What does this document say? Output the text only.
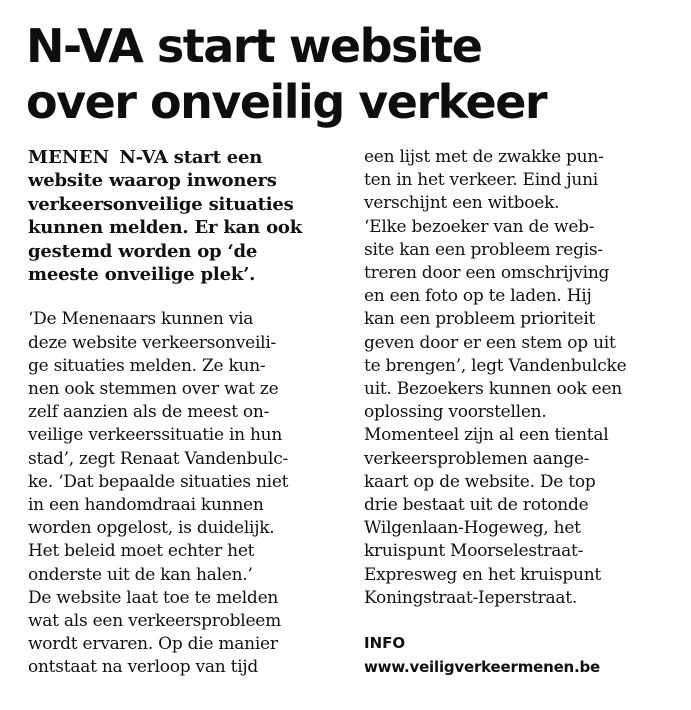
N-VA start website
over onveilig verkeer
MENEN N-VA start een
website waarop inwoners
verkeersonveilige situaties
kunnen melden. Er kan ook
gestemd worden op ‘de
meeste onveilige plek’.
‘De Menenaars kunnen via
deze website verkeersonveili-
ge situaties melden. Ze kun-
nen ook stemmen over wat ze
zelf aanzien als de meest on-
veilige verkeerssituatie in hun
stad’, zegt Renaat Vandenbulc-
ke. ‘Dat bepaalde situaties niet
in een handomdraai kunnen
worden opgelost, is duidelijk.
Het beleid moet echter het
onderste uit de kan halen.’
De website laat toe te melden
wat als een verkeersprobleem
wordt ervaren. Op die manier
ontstaat na verloop van tijd
een lijst met de zwakke pun-
ten in het verkeer. Eind juni
verschijnt een witboek.
‘Elke bezoeker van de web-
site kan een probleem regis-
treren door een omschrijving
en een foto op te laden. Hij
kan een probleem prioriteit
geven door er een stem op uit
te brengen’, legt Vandenbulcke
uit. Bezoekers kunnen ook een
oplossing voorstellen.
Momenteel zijn al een tiental
verkeersproblemen aange-
kaart op de website. De top
drie bestaat uit de rotonde
Wilgenlaan-Hogeweg, het
kruispunt Moorselestraat-
Expresweg en het kruispunt
Koningstraat-Ieperstraat.
INFO
www.veiligverkeermenen.be
